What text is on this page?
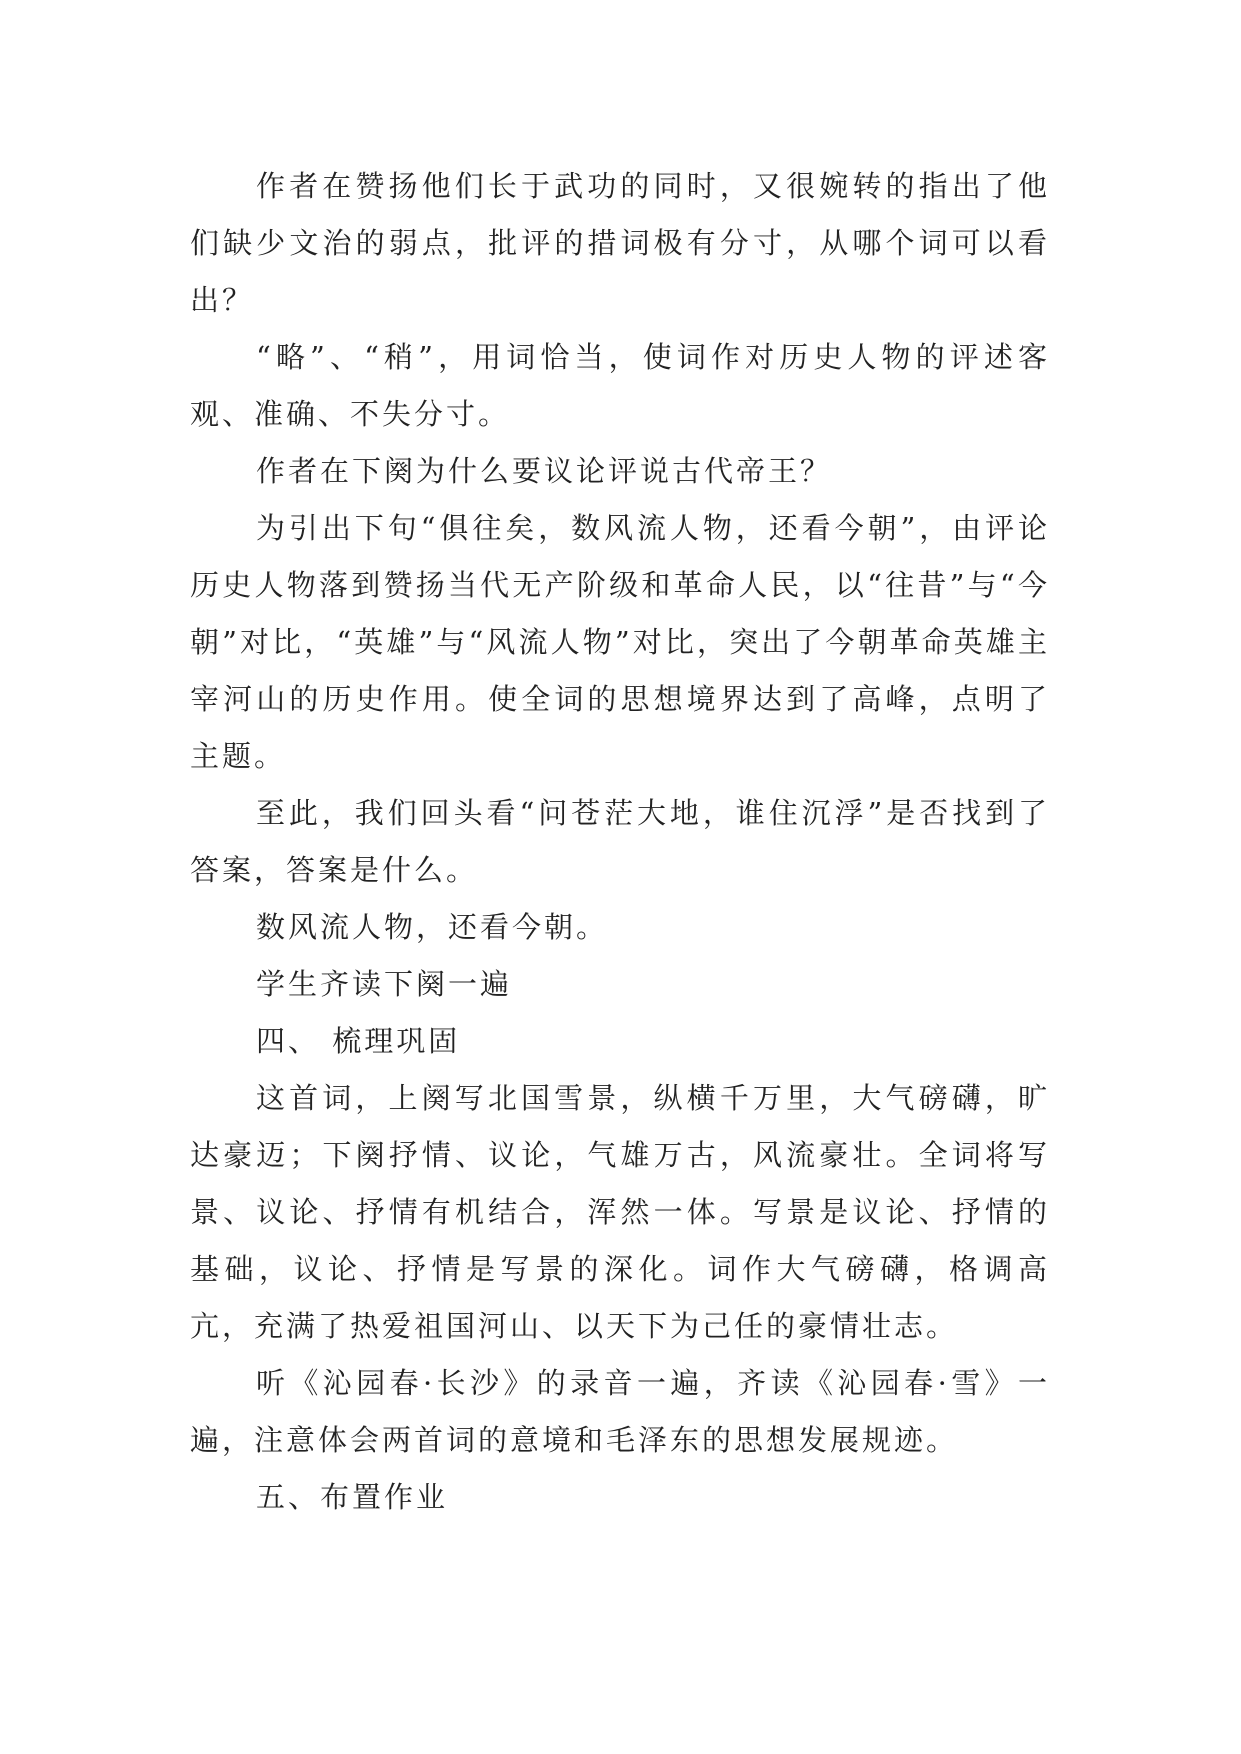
作者在赞扬他们长于武功的同时，又很婉转的指出了他们缺少文治的弱点，批评的措词极有分寸，从哪个词可以看出？

“略”、“稍”，用词恰当，使词作对历史人物的评述客观、准确、不失分寸。

作者在下阕为什么要议论评说古代帝王？

为引出下句“俱往矣，数风流人物，还看今朝”，由评论历史人物落到赞扬当代无产阶级和革命人民，以“往昔”与“今朝”对比，“英雄”与“风流人物”对比，突出了今朝革命英雄主宰河山的历史作用。使全词的思想境界达到了高峰，点明了主题。

至此，我们回头看“问苍茫大地，谁住沉浮”是否找到了答案，答案是什么。

数风流人物，还看今朝。

学生齐读下阕一遍

四、 梳理巩固

这首词，上阕写北国雪景，纵横千万里，大气磅礴，旷达豪迈；下阕抒情、议论，气雄万古，风流豪壮。全词将写景、议论、抒情有机结合，浑然一体。写景是议论、抒情的基础，议论、抒情是写景的深化。词作大气磅礴，格调高亢，充满了热爱祖国河山、以天下为己任的豪情壮志。

听《沁园春·长沙》的录音一遍，齐读《沁园春·雪》一遍，注意体会两首词的意境和毛泽东的思想发展规迹。

五、布置作业
